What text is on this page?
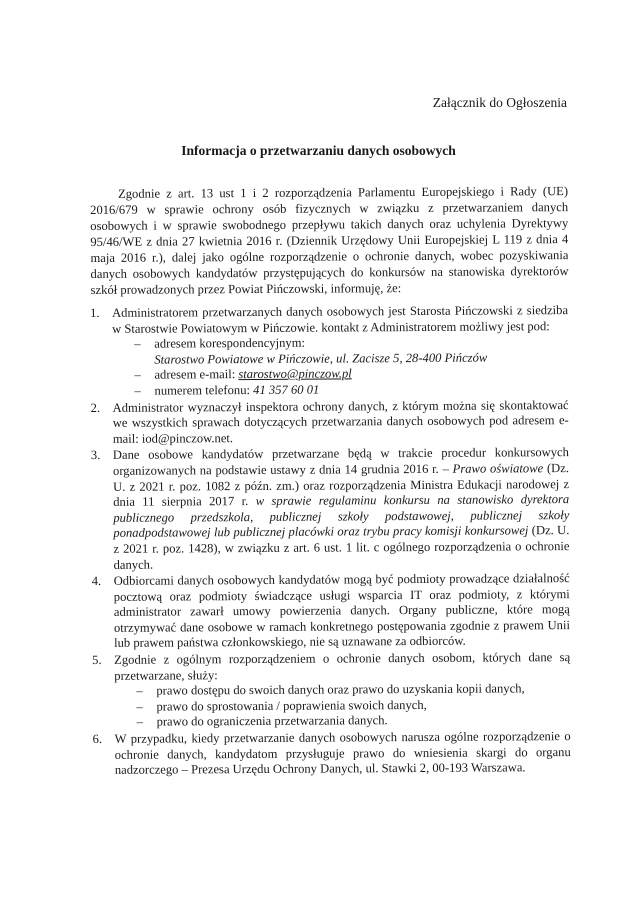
Załącznik do Ogłoszenia
Informacja o przetwarzaniu danych osobowych
Zgodnie z art. 13 ust 1 i 2 rozporządzenia Parlamentu Europejskiego i Rady (UE) 2016/679 w sprawie ochrony osób fizycznych w związku z przetwarzaniem danych osobowych i w sprawie swobodnego przepływu takich danych oraz uchylenia Dyrektywy 95/46/WE z dnia 27 kwietnia 2016 r. (Dziennik Urzędowy Unii Europejskiej L 119 z dnia 4 maja 2016 r.), dalej jako ogólne rozporządzenie o ochronie danych, wobec pozyskiwania danych osobowych kandydatów przystępujących do konkursów na stanowiska dyrektorów szkół prowadzonych przez Powiat Pińczowski, informuję, że:
1. Administratorem przetwarzanych danych osobowych jest Starosta Pińczowski z siedziba w Starostwie Powiatowym w Pińczowie. kontakt z Administratorem możliwy jest pod:
– adresem korespondencyjnym:
Starostwo Powiatowe w Pińczowie, ul. Zacisze 5, 28-400 Pińczów
– adresem e-mail: starostwo@pinczow.pl
– numerem telefonu: 41 357 60 01
2. Administrator wyznaczył inspektora ochrony danych, z którym można się skontaktować we wszystkich sprawach dotyczących przetwarzania danych osobowych pod adresem e-mail: iod@pinczow.net.
3. Dane osobowe kandydatów przetwarzane będą w trakcie procedur konkursowych organizowanych na podstawie ustawy z dnia 14 grudnia 2016 r. – Prawo oświatowe (Dz. U. z 2021 r. poz. 1082 z późn. zm.) oraz rozporządzenia Ministra Edukacji narodowej z dnia 11 sierpnia 2017 r. w sprawie regulaminu konkursu na stanowisko dyrektora publicznego przedszkola, publicznej szkoły podstawowej, publicznej szkoły ponadpodstawowej lub publicznej placówki oraz trybu pracy komisji konkursowej (Dz. U. z 2021 r. poz. 1428), w związku z art. 6 ust. 1 lit. c ogólnego rozporządzenia o ochronie danych.
4. Odbiorcami danych osobowych kandydatów mogą być podmioty prowadzące działalność pocztową oraz podmioty świadczące usługi wsparcia IT oraz podmioty, z którymi administrator zawarł umowy powierzenia danych. Organy publiczne, które mogą otrzymywać dane osobowe w ramach konkretnego postępowania zgodnie z prawem Unii lub prawem państwa członkowskiego, nie są uznawane za odbiorców.
5. Zgodnie z ogólnym rozporządzeniem o ochronie danych osobom, których dane są przetwarzane, służy:
– prawo dostępu do swoich danych oraz prawo do uzyskania kopii danych,
– prawo do sprostowania / poprawienia swoich danych,
– prawo do ograniczenia przetwarzania danych.
6. W przypadku, kiedy przetwarzanie danych osobowych narusza ogólne rozporządzenie o ochronie danych, kandydatom przysługuje prawo do wniesienia skargi do organu nadzorczego – Prezesa Urzędu Ochrony Danych, ul. Stawki 2, 00-193 Warszawa.
